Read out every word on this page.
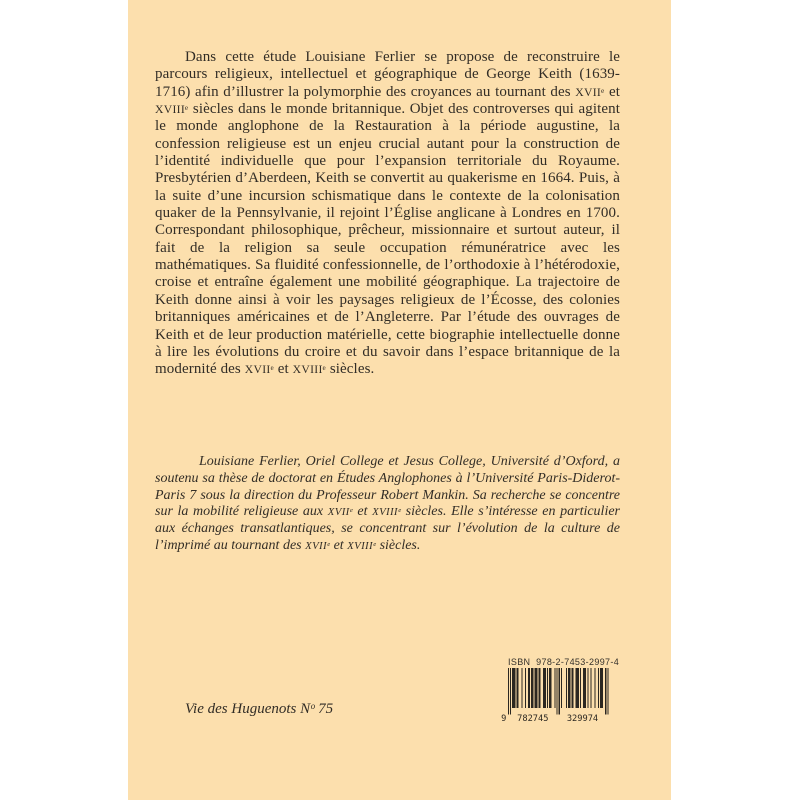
Dans cette étude Louisiane Ferlier se propose de reconstruire le parcours religieux, intellectuel et géographique de George Keith (1639-1716) afin d’illustrer la polymorphie des croyances au tournant des XVIIᵉ et XVIIIᵉ siècles dans le monde britannique. Objet des controverses qui agitent le monde anglophone de la Restauration à la période augustine, la confession religieuse est un enjeu crucial autant pour la construction de l’identité individuelle que pour l’expansion territoriale du Royaume. Presbytérien d’Aberdeen, Keith se convertit au quakerisme en 1664. Puis, à la suite d’une incursion schismatique dans le contexte de la colonisation quaker de la Pennsylvanie, il rejoint l’Église anglicane à Londres en 1700. Correspondant philosophique, prêcheur, missionnaire et surtout auteur, il fait de la religion sa seule occupation rémunératrice avec les mathématiques. Sa fluidité confessionnelle, de l’orthodoxie à l’hétérodoxie, croise et entraîne également une mobilité géographique. La trajectoire de Keith donne ainsi à voir les paysages religieux de l’Écosse, des colonies britanniques américaines et de l’Angleterre. Par l’étude des ouvrages de Keith et de leur production matérielle, cette biographie intellectuelle donne à lire les évolutions du croire et du savoir dans l’espace britannique de la modernité des XVIIᵉ et XVIIIᵉ siècles.

Louisiane Ferlier, Oriel College et Jesus College, Université d’Oxford, a soutenu sa thèse de doctorat en Études Anglophones à l’Université Paris-Diderot-Paris 7 sous la direction du Professeur Robert Mankin. Sa recherche se concentre sur la mobilité religieuse aux XVIIᵉ et XVIIIᵉ siècles. Elle s’intéresse en particulier aux échanges transatlantiques, se concentrant sur l’évolution de la culture de l’imprimé au tournant des XVIIᵉ et XVIIIᵉ siècles.

Vie des Huguenots Nᵒ 75
ISBN  978-2-7453-2997-4
9 782745 329974
